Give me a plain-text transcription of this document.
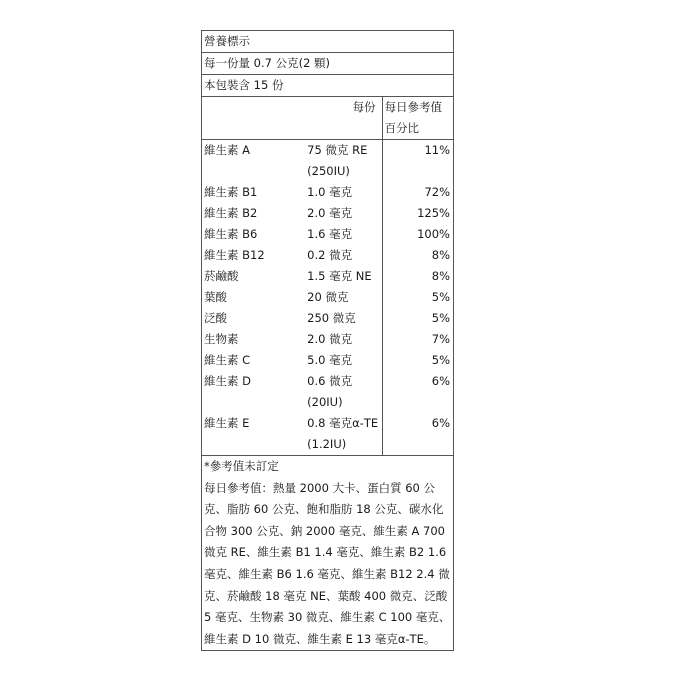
營養標示
每一份量 0.7 公克(2 顆)
本包裝含 15 份
每份 每日參考值
百分比
維生素 A	75 微克 RE	11%
(250IU)
維生素 B1	1.0 毫克	72%
維生素 B2	2.0 毫克	125%
維生素 B6	1.6 毫克	100%
維生素 B12	0.2 微克	8%
菸鹼酸	1.5 毫克 NE	8%
葉酸	20 微克	5%
泛酸	250 微克	5%
生物素	2.0 微克	7%
維生素 C	5.0 毫克	5%
維生素 D	0.6 微克	6%
(20IU)
維生素 E	0.8 毫克α-TE	6%
(1.2IU)
*參考值未訂定
每日參考值：熱量 2000 大卡、蛋白質 60 公克、脂肪 60 公克、飽和脂肪 18 公克、碳水化合物 300 公克、鈉 2000 毫克、維生素 A 700 微克 RE、維生素 B1 1.4 毫克、維生素 B2 1.6 毫克、維生素 B6 1.6 毫克、維生素 B12 2.4 微克、菸鹼酸 18 毫克 NE、葉酸 400 微克、泛酸 5 毫克、生物素 30 微克、維生素 C 100 毫克、維生素 D 10 微克、維生素 E 13 毫克α-TE。
